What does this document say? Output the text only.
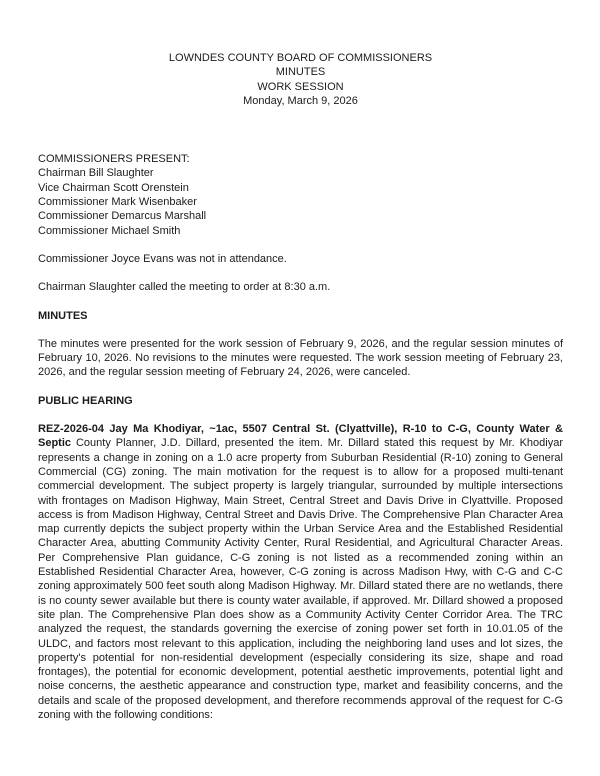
LOWNDES COUNTY BOARD OF COMMISSIONERS
MINUTES
WORK SESSION
Monday, March 9, 2026
COMMISSIONERS PRESENT:
Chairman Bill Slaughter
Vice Chairman Scott Orenstein
Commissioner Mark Wisenbaker
Commissioner Demarcus Marshall
Commissioner Michael Smith

Commissioner Joyce Evans was not in attendance.

Chairman Slaughter called the meeting to order at 8:30 a.m.

MINUTES

The minutes were presented for the work session of February 9, 2026, and the regular session minutes of February 10, 2026. No revisions to the minutes were requested. The work session meeting of February 23, 2026, and the regular session meeting of February 24, 2026, were canceled.

PUBLIC HEARING

REZ-2026-04 Jay Ma Khodiyar, ~1ac, 5507 Central St. (Clyattville), R-10 to C-G, County Water & Septic County Planner, J.D. Dillard, presented the item. Mr. Dillard stated this request by Mr. Khodiyar represents a change in zoning on a 1.0 acre property from Suburban Residential (R-10) zoning to General Commercial (CG) zoning. The main motivation for the request is to allow for a proposed multi-tenant commercial development. The subject property is largely triangular, surrounded by multiple intersections with frontages on Madison Highway, Main Street, Central Street and Davis Drive in Clyattville. Proposed access is from Madison Highway, Central Street and Davis Drive. The Comprehensive Plan Character Area map currently depicts the subject property within the Urban Service Area and the Established Residential Character Area, abutting Community Activity Center, Rural Residential, and Agricultural Character Areas. Per Comprehensive Plan guidance, C-G zoning is not listed as a recommended zoning within an Established Residential Character Area, however, C-G zoning is across Madison Hwy, with C-G and C-C zoning approximately 500 feet south along Madison Highway. Mr. Dillard stated there are no wetlands, there is no county sewer available but there is county water available, if approved. Mr. Dillard showed a proposed site plan. The Comprehensive Plan does show as a Community Activity Center Corridor Area. The TRC analyzed the request, the standards governing the exercise of zoning power set forth in 10.01.05 of the ULDC, and factors most relevant to this application, including the neighboring land uses and lot sizes, the property's potential for non-residential development (especially considering its size, shape and road frontages), the potential for economic development, potential aesthetic improvements, potential light and noise concerns, the aesthetic appearance and construction type, market and feasibility concerns, and the details and scale of the proposed development, and therefore recommends approval of the request for C-G zoning with the following conditions:
